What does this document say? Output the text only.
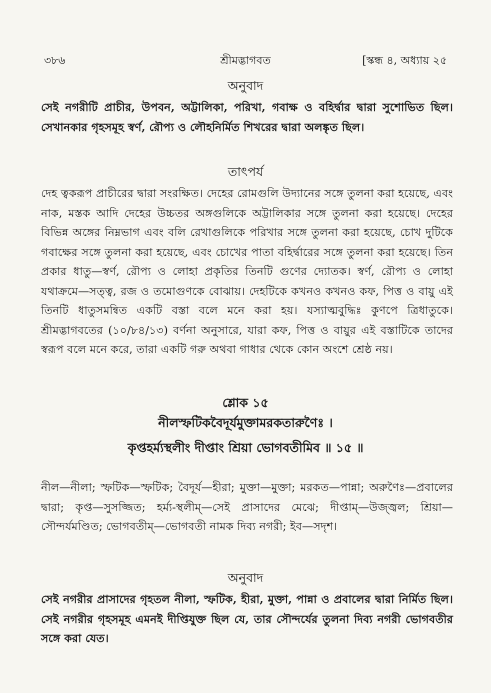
৩৮৬	শ্রীমদ্ভাগবত	[স্কন্ধ ৪, অধ্যায় ২৫
অনুবাদ

সেই নগরীটি প্রাচীর, উপবন, অট্টালিকা, পরিখা, গবাক্ষ ও বহির্দ্বার দ্বারা সুশোভিত ছিল। সেখানকার গৃহসমূহ স্বর্ণ, রৌপ্য ও লৌহনির্মিত শিখরের দ্বারা অলঙ্কৃত ছিল।

তাৎপর্য

দেহ ত্বকরূপ প্রাচীরের দ্বারা সংরক্ষিত। দেহের রোমগুলি উদ্যানের সঙ্গে তুলনা করা হয়েছে, এবং নাক, মস্তক আদি দেহের উচ্চতর অঙ্গগুলিকে অট্টালিকার সঙ্গে তুলনা করা হয়েছে। দেহের বিভিন্ন অঙ্গের নিম্নভাগ এবং বলি রেখাগুলিকে পরিখার সঙ্গে তুলনা করা হয়েছে, চোখ দুটিকে গবাক্ষের সঙ্গে তুলনা করা হয়েছে, এবং চোখের পাতা বহির্দ্বারের সঙ্গে তুলনা করা হয়েছে। তিন প্রকার ধাতু—স্বর্ণ, রৌপ্য ও লোহা প্রকৃতির তিনটি গুণের দ্যোতক। স্বর্ণ, রৌপ্য ও লোহা যথাক্রমে—সত্ত্ব, রজ ও তমোগুণকে বোঝায়। দেহটিকে কখনও কখনও কফ, পিত্ত ও বায়ু এই তিনটি ধাতুসমন্বিত একটি বস্তা বলে মনে করা হয়। যস্যাত্মবুদ্ধিঃ কুণপে ত্রিধাতুকে। শ্রীমদ্ভাগবতের (১০/৮৪/১৩) বর্ণনা অনুসারে, যারা কফ, পিত্ত ও বায়ুর এই বস্তাটিকে তাদের স্বরূপ বলে মনে করে, তারা একটি গরু অথবা গাধার থেকে কোন অংশে শ্রেষ্ঠ নয়।

শ্লোক ১৫
নীলস্ফটিকবৈদূর্যমুক্তামরকতারুণৈঃ ।
কৃপ্তহর্ম্যস্থলীং দীপ্তাং শ্রিয়া ভোগবতীমিব ॥ ১৫ ॥

নীল—নীলা; স্ফটিক—স্ফটিক; বৈদূর্য—হীরা; মুক্তা—মুক্তা; মরকত—পান্না; অরুণৈঃ—প্রবালের দ্বারা; কৃপ্ত—সুসজ্জিত; হর্ম্য-স্থলীম্—সেই প্রাসাদের মেঝে; দীপ্তাম্—উজ্জ্বল; শ্রিয়া—সৌন্দর্যমণ্ডিত; ভোগবতীম্—ভোগবতী নামক দিব্য নগরী; ইব—সদৃশ।

অনুবাদ

সেই নগরীর প্রাসাদের গৃহতল নীলা, স্ফটিক, হীরা, মুক্তা, পান্না ও প্রবালের দ্বারা নির্মিত ছিল। সেই নগরীর গৃহসমূহ এমনই দীপ্তিযুক্ত ছিল যে, তার সৌন্দর্যের তুলনা দিব্য নগরী ভোগবতীর সঙ্গে করা যেত।
